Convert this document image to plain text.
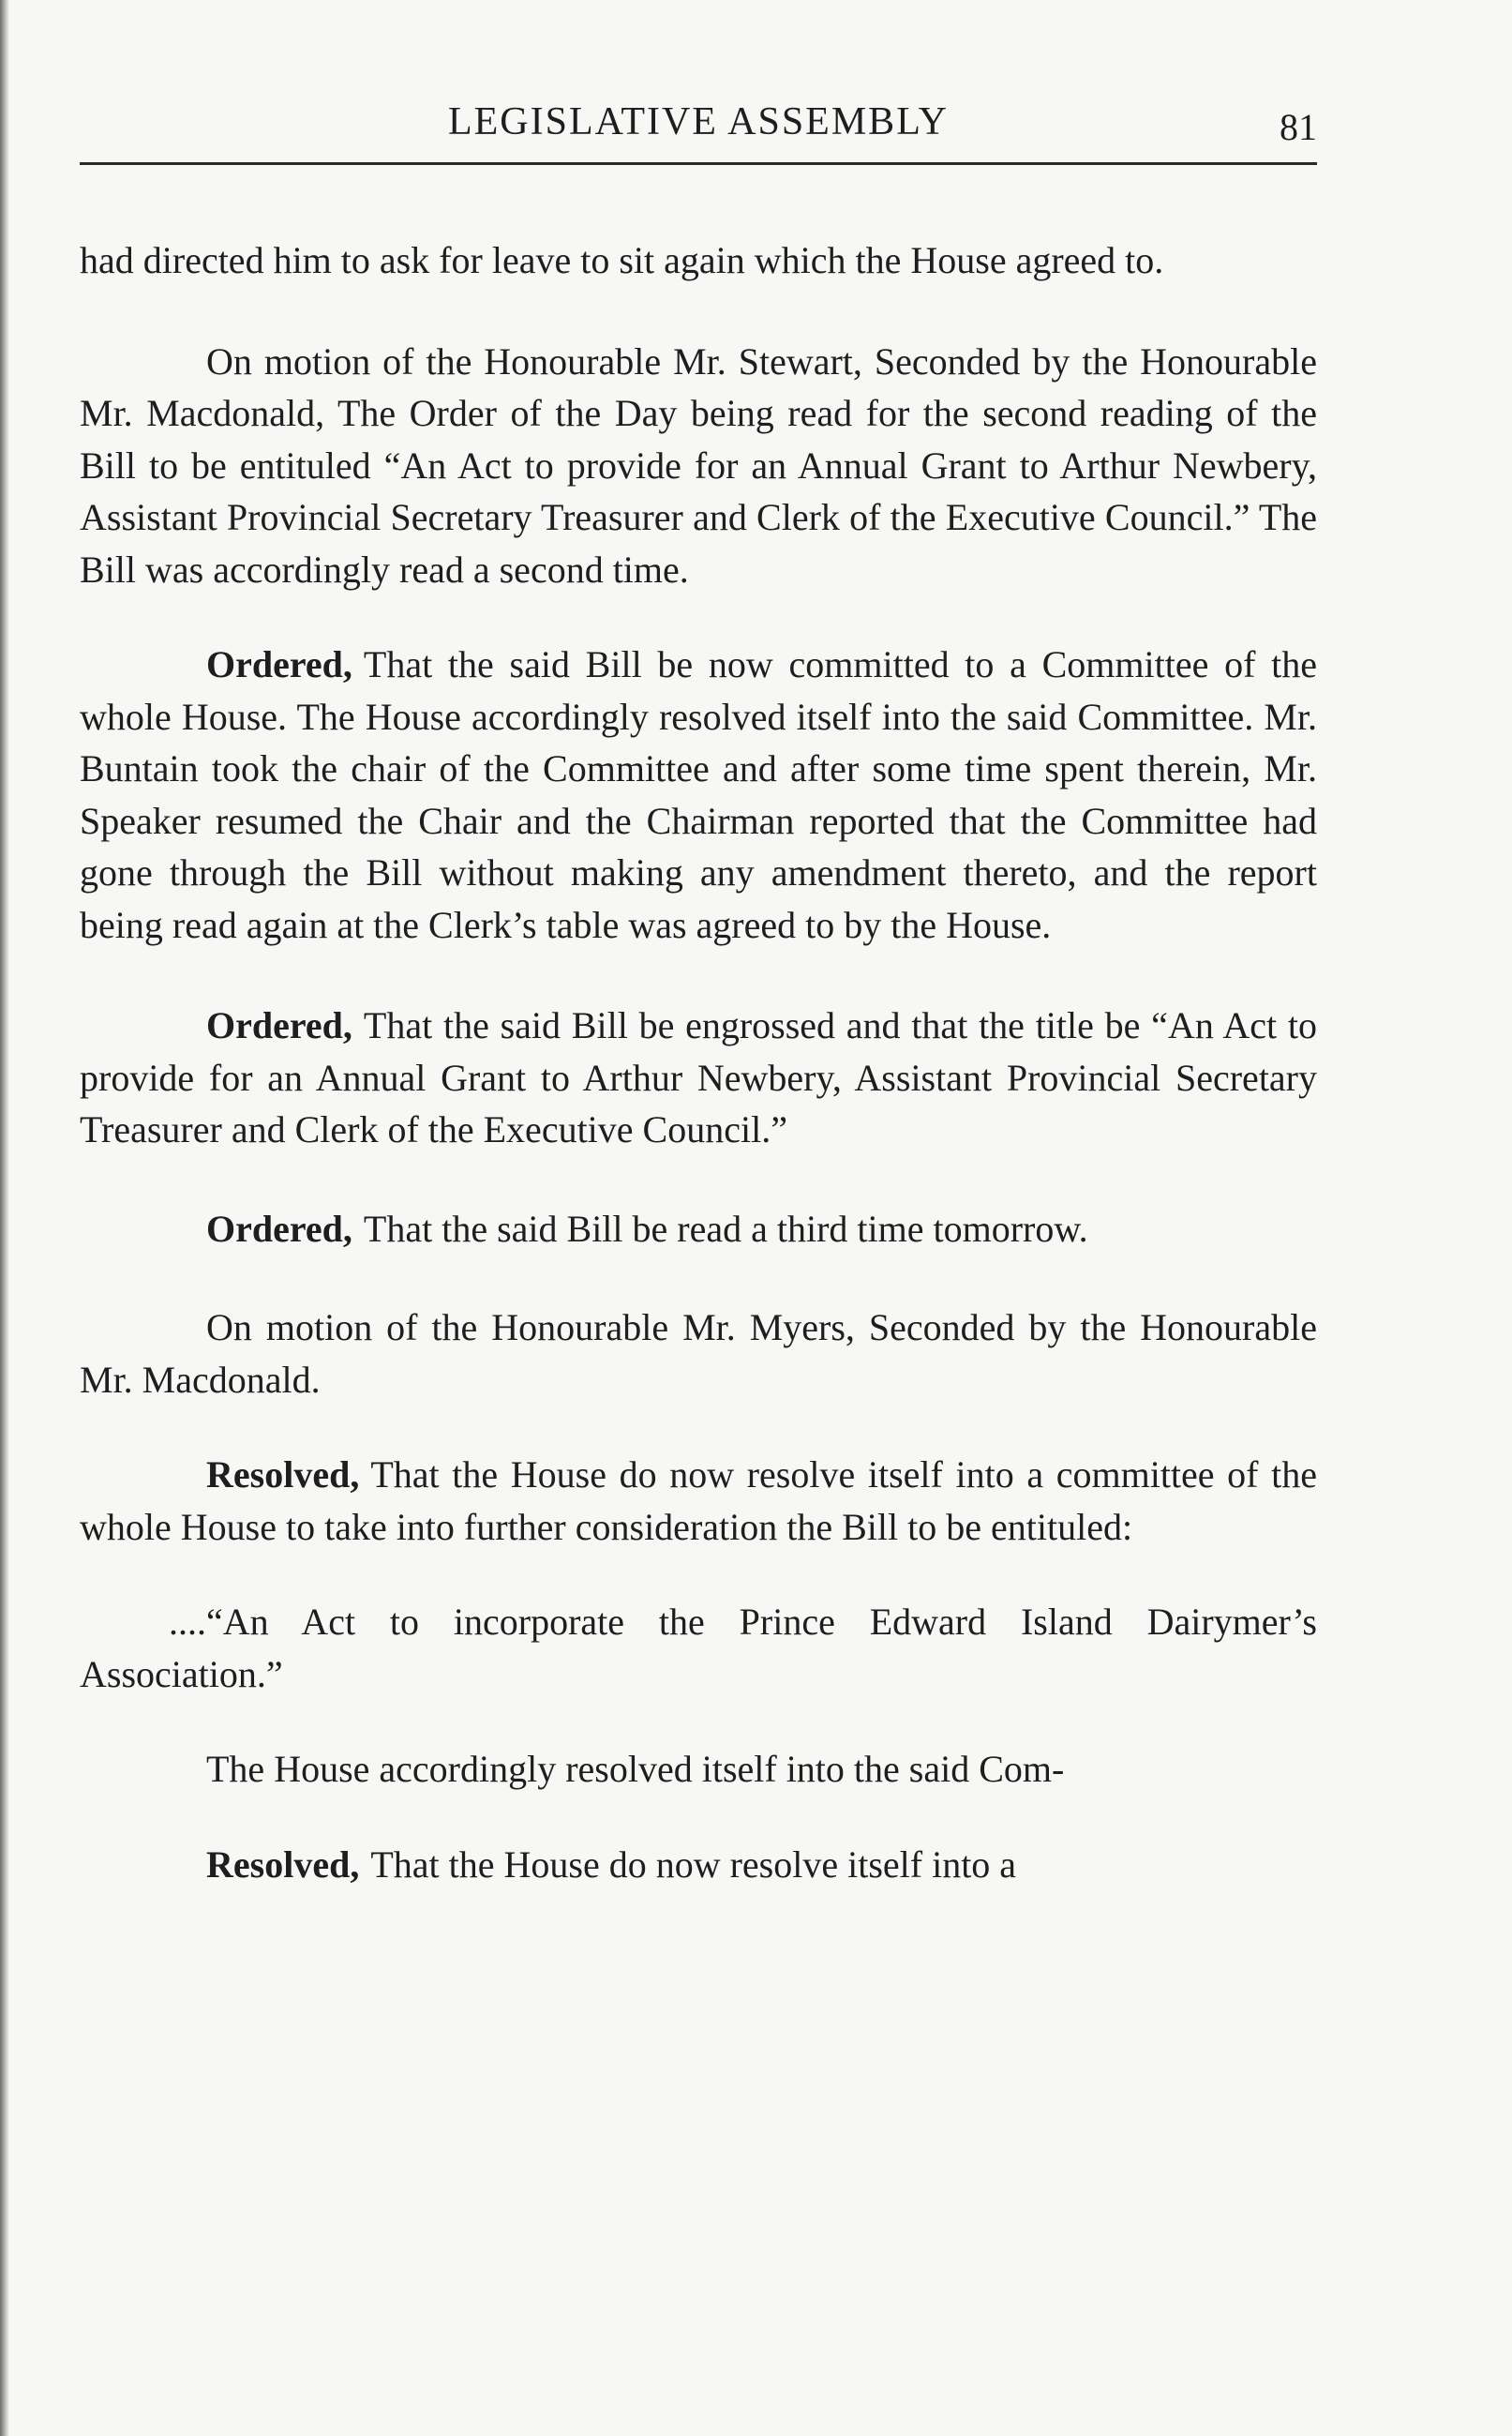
LEGISLATIVE ASSEMBLY	81

had directed him to ask for leave to sit again which the House agreed to.

On motion of the Honourable Mr. Stewart, Seconded by the Honourable Mr. Macdonald, The Order of the Day being read for the second reading of the Bill to be entituled “An Act to provide for an Annual Grant to Arthur Newbery, Assistant Provincial Secretary Treasurer and Clerk of the Executive Council.” The Bill was accordingly read a second time.

Ordered, That the said Bill be now committed to a Committee of the whole House. The House accordingly resolved itself into the said Committee. Mr. Buntain took the chair of the Committee and after some time spent therein, Mr. Speaker resumed the Chair and the Chairman reported that the Committee had gone through the Bill without making any amendment thereto, and the report being read again at the Clerk’s table was agreed to by the House.

Ordered, That the said Bill be engrossed and that the title be “An Act to provide for an Annual Grant to Arthur Newbery, Assistant Provincial Secretary Treasurer and Clerk of the Executive Council.”

Ordered, That the said Bill be read a third time tomorrow.

On motion of the Honourable Mr. Myers, Seconded by the Honourable Mr. Macdonald.

Resolved, That the House do now resolve itself into a committee of the whole House to take into further consideration the Bill to be entituled:

....“An Act to incorporate the Prince Edward Island Dairymer’s Association.”

The House accordingly resolved itself into the said Com-

Resolved, That the House do now resolve itself into a
